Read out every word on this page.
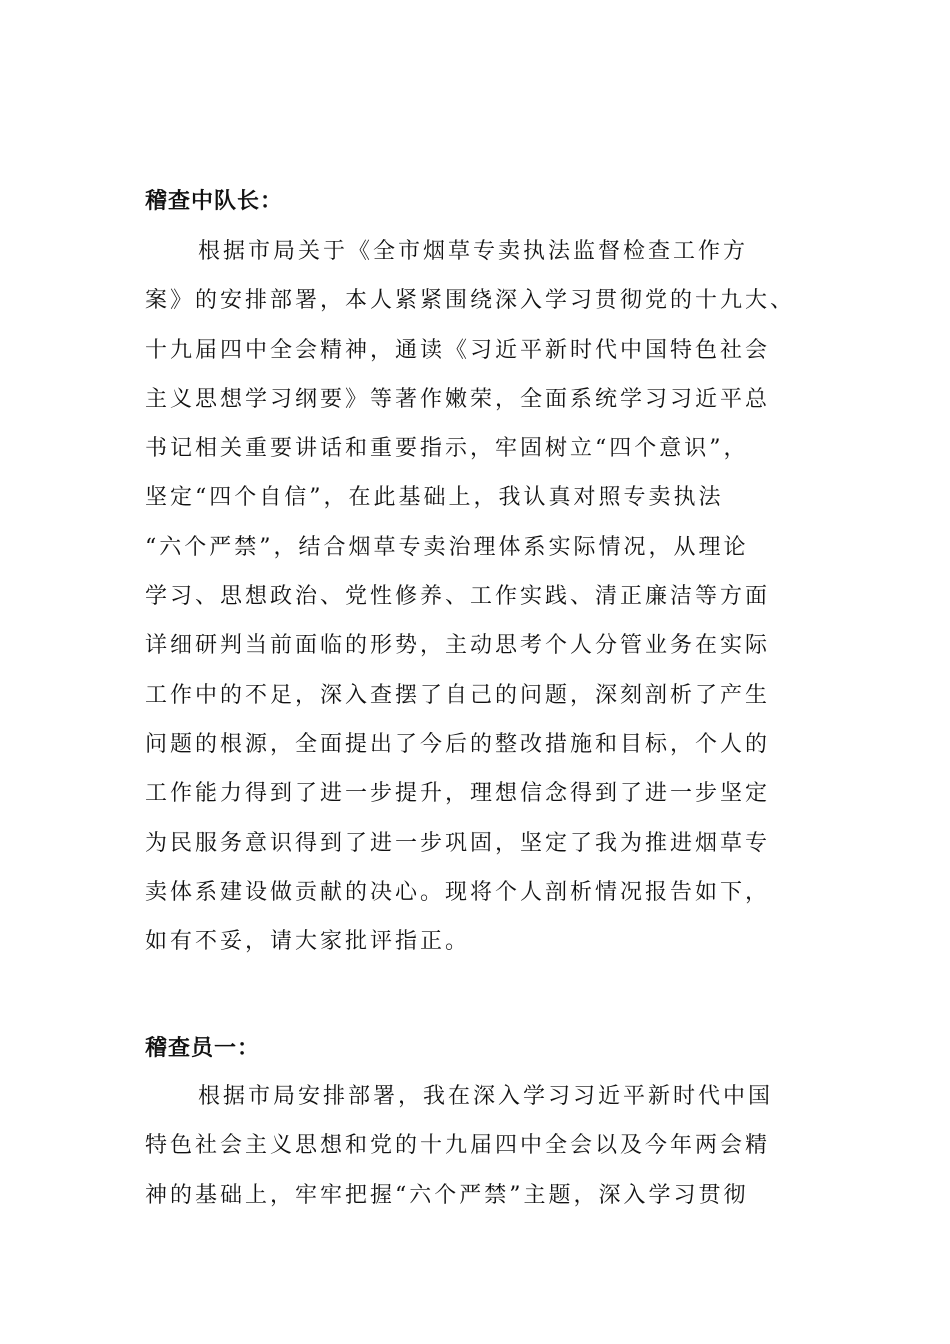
稽查中队长：
根据市局关于《全市烟草专卖执法监督检查工作方
案》的安排部署，本人紧紧围绕深入学习贯彻党的十九大、
十九届四中全会精神，通读《习近平新时代中国特色社会
主义思想学习纲要》等著作嫩荣，全面系统学习习近平总
书记相关重要讲话和重要指示，牢固树立“四个意识”，
坚定“四个自信”，在此基础上，我认真对照专卖执法
“六个严禁”，结合烟草专卖治理体系实际情况，从理论
学习、思想政治、党性修养、工作实践、清正廉洁等方面
详细研判当前面临的形势，主动思考个人分管业务在实际
工作中的不足，深入查摆了自己的问题，深刻剖析了产生
问题的根源，全面提出了今后的整改措施和目标，个人的
工作能力得到了进一步提升，理想信念得到了进一步坚定
为民服务意识得到了进一步巩固，坚定了我为推进烟草专
卖体系建设做贡献的决心。现将个人剖析情况报告如下，
如有不妥，请大家批评指正。
稽查员一：
根据市局安排部署，我在深入学习习近平新时代中国
特色社会主义思想和党的十九届四中全会以及今年两会精
神的基础上，牢牢把握“六个严禁”主题，深入学习贯彻
